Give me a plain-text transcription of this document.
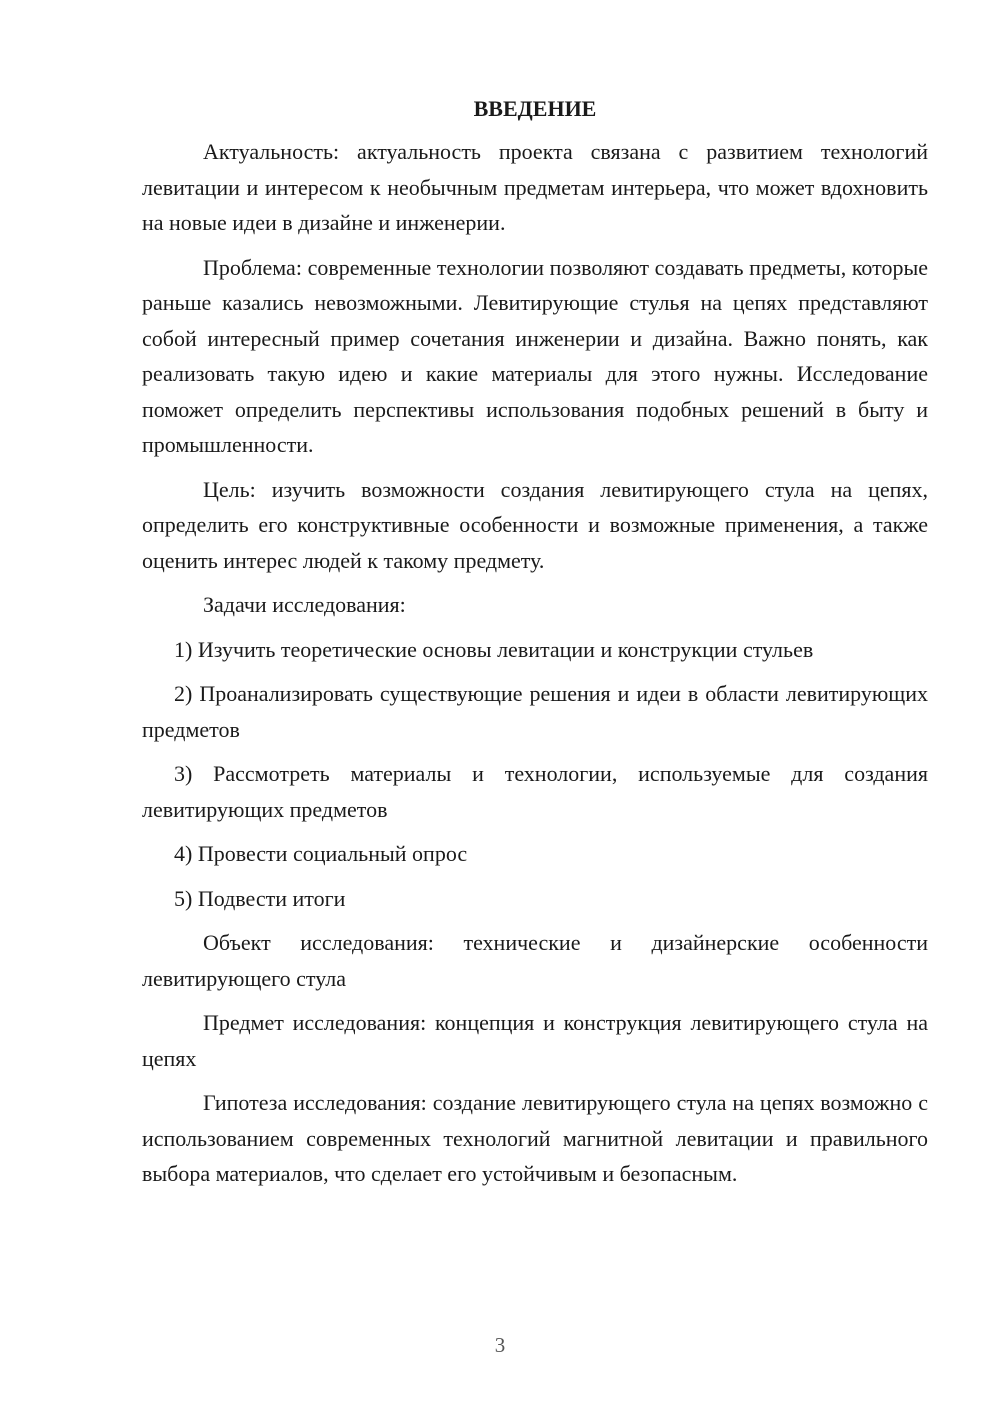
ВВЕДЕНИЕ

Актуальность: актуальность проекта связана с развитием технологий левитации и интересом к необычным предметам интерьера, что может вдохновить на новые идеи в дизайне и инженерии.

Проблема: современные технологии позволяют создавать предметы, которые раньше казались невозможными. Левитирующие стулья на цепях представляют собой интересный пример сочетания инженерии и дизайна. Важно понять, как реализовать такую идею и какие материалы для этого нужны. Исследование поможет определить перспективы использования подобных решений в быту и промышленности.

Цель: изучить возможности создания левитирующего стула на цепях, определить его конструктивные особенности и возможные применения, а также оценить интерес людей к такому предмету.

Задачи исследования:

1) Изучить теоретические основы левитации и конструкции стульев

2) Проанализировать существующие решения и идеи в области левитирующих предметов

3) Рассмотреть материалы и технологии, используемые для создания левитирующих предметов

4) Провести социальный опрос

5) Подвести итоги

Объект исследования: технические и дизайнерские особенности левитирующего стула

Предмет исследования: концепция и конструкция левитирующего стула на цепях

Гипотеза исследования: создание левитирующего стула на цепях возможно с использованием современных технологий магнитной левитации и правильного выбора материалов, что сделает его устойчивым и безопасным.

3
